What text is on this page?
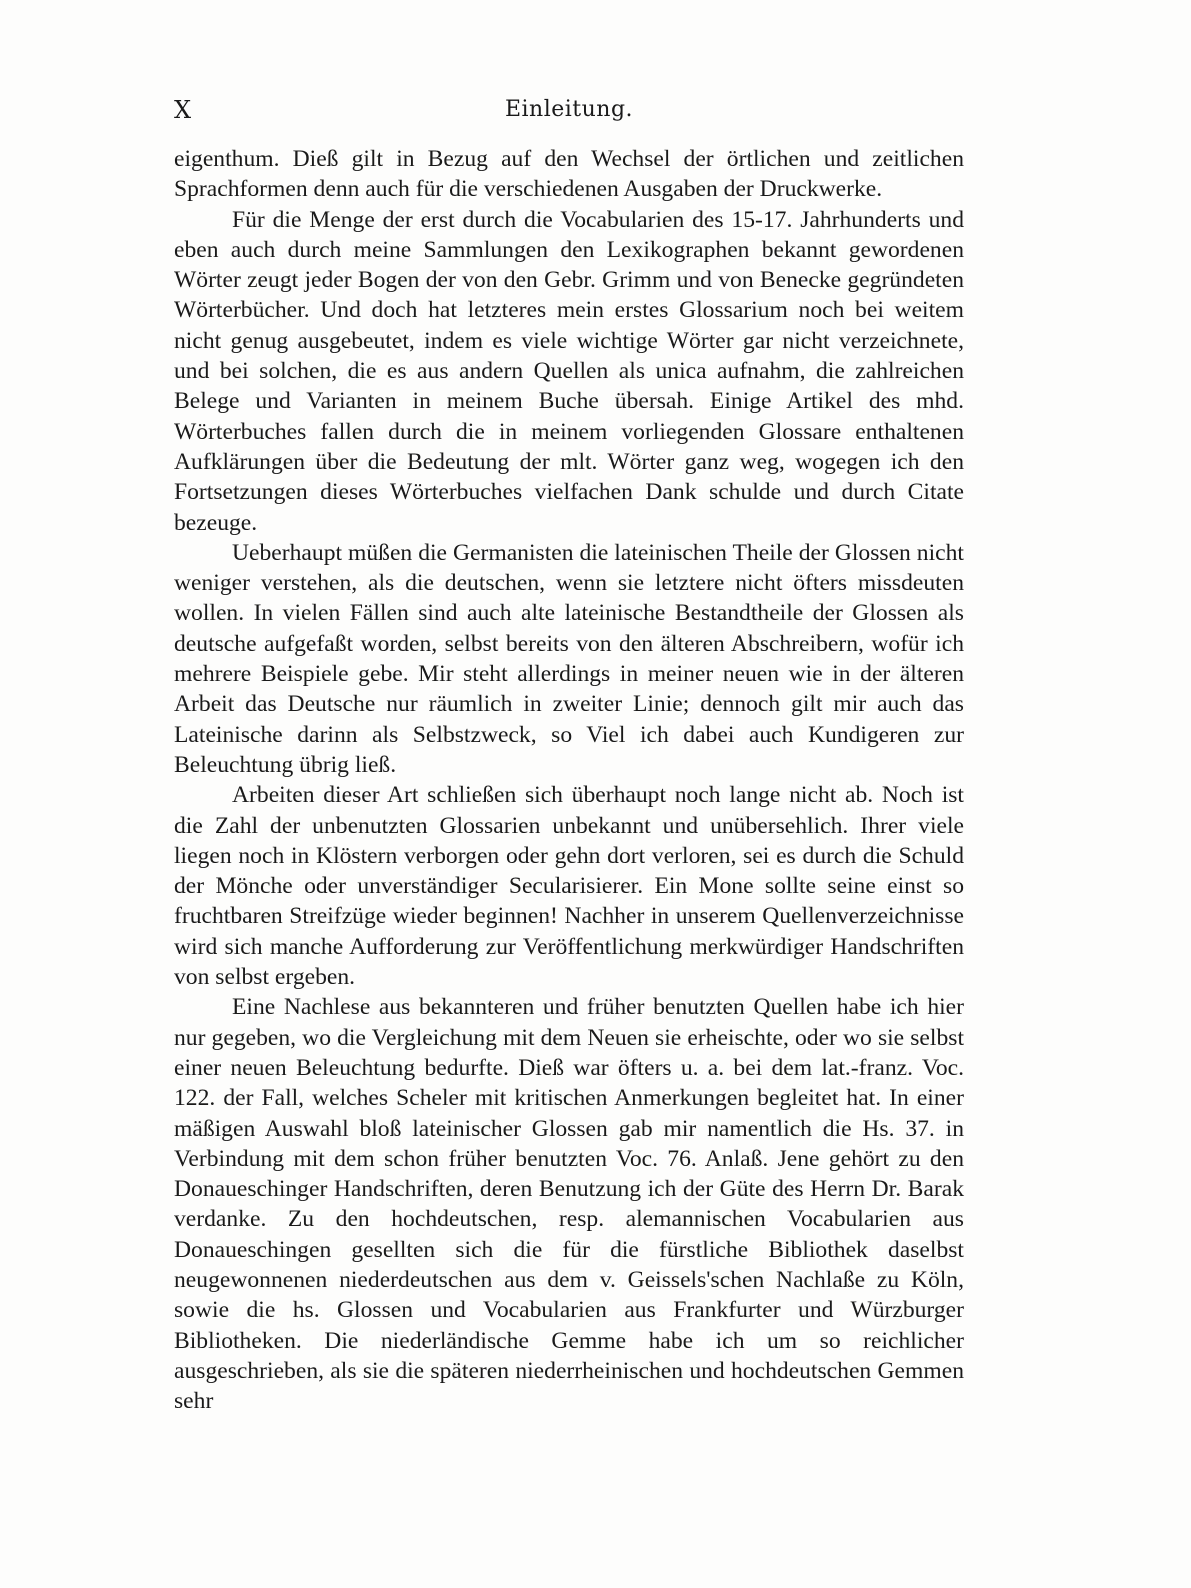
X	Einleitung.

eigenthum. Dieß gilt in Bezug auf den Wechsel der örtlichen und zeitlichen Sprachformen denn auch für die verschiedenen Ausgaben der Druckwerke.

Für die Menge der erst durch die Vocabularien des 15-17. Jahrhunderts und eben auch durch meine Sammlungen den Lexikographen bekannt gewordenen Wörter zeugt jeder Bogen der von den Gebr. Grimm und von Benecke gegründeten Wörterbücher. Und doch hat letzteres mein erstes Glossarium noch bei weitem nicht genug ausgebeutet, indem es viele wichtige Wörter gar nicht verzeichnete, und bei solchen, die es aus andern Quellen als unica aufnahm, die zahlreichen Belege und Varianten in meinem Buche übersah. Einige Artikel des mhd. Wörterbuches fallen durch die in meinem vorliegenden Glossare enthaltenen Aufklärungen über die Bedeutung der mlt. Wörter ganz weg, wogegen ich den Fortsetzungen dieses Wörterbuches vielfachen Dank schulde und durch Citate bezeuge.

Ueberhaupt müßen die Germanisten die lateinischen Theile der Glossen nicht weniger verstehen, als die deutschen, wenn sie letztere nicht öfters missdeuten wollen. In vielen Fällen sind auch alte lateinische Bestandtheile der Glossen als deutsche aufgefaßt worden, selbst bereits von den älteren Abschreibern, wofür ich mehrere Beispiele gebe. Mir steht allerdings in meiner neuen wie in der älteren Arbeit das Deutsche nur räumlich in zweiter Linie; dennoch gilt mir auch das Lateinische darinn als Selbstzweck, so Viel ich dabei auch Kundigeren zur Beleuchtung übrig ließ.

Arbeiten dieser Art schließen sich überhaupt noch lange nicht ab. Noch ist die Zahl der unbenutzten Glossarien unbekannt und unübersehlich. Ihrer viele liegen noch in Klöstern verborgen oder gehn dort verloren, sei es durch die Schuld der Mönche oder unverständiger Secularisierer. Ein Mone sollte seine einst so fruchtbaren Streifzüge wieder beginnen! Nachher in unserem Quellenverzeichnisse wird sich manche Aufforderung zur Veröffentlichung merkwürdiger Handschriften von selbst ergeben.

Eine Nachlese aus bekannteren und früher benutzten Quellen habe ich hier nur gegeben, wo die Vergleichung mit dem Neuen sie erheischte, oder wo sie selbst einer neuen Beleuchtung bedurfte. Dieß war öfters u. a. bei dem lat.-franz. Voc. 122. der Fall, welches Scheler mit kritischen Anmerkungen begleitet hat. In einer mäßigen Auswahl bloß lateinischer Glossen gab mir namentlich die Hs. 37. in Verbindung mit dem schon früher benutzten Voc. 76. Anlaß. Jene gehört zu den Donaueschinger Handschriften, deren Benutzung ich der Güte des Herrn Dr. Barak verdanke. Zu den hochdeutschen, resp. alemannischen Vocabularien aus Donaueschingen gesellten sich die für die fürstliche Bibliothek daselbst neugewonnenen niederdeutschen aus dem v. Geissels'schen Nachlaße zu Köln, sowie die hs. Glossen und Vocabularien aus Frankfurter und Würzburger Bibliotheken. Die niederländische Gemme habe ich um so reichlicher ausgeschrieben, als sie die späteren niederrheinischen und hochdeutschen Gemmen sehr
